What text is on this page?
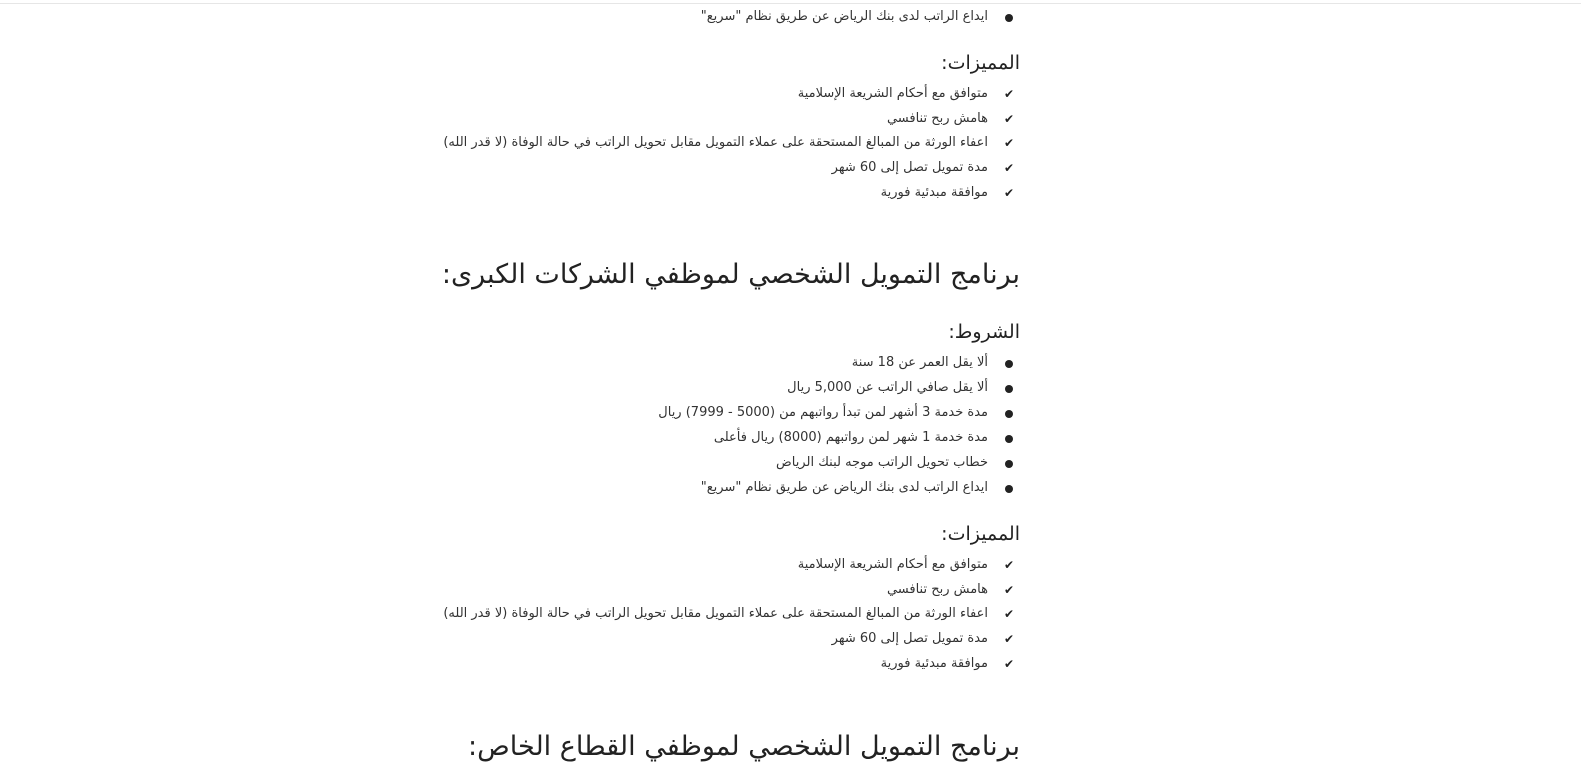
ايداع الراتب لدى بنك الرياض عن طريق نظام "سريع"
المميزات:
✔متوافق مع أحكام الشريعة الإسلامية
✔هامش ربح تنافسي
✔اعفاء الورثة من المبالغ المستحقة على عملاء التمويل مقابل تحويل الراتب في حالة الوفاة (لا قدر الله)
✔مدة تمويل تصل إلى 60 شهر
✔موافقة مبدئية فورية
برنامج التمويل الشخصي لموظفي الشركات الكبرى:
الشروط:
ألا يقل العمر عن 18 سنة
ألا يقل صافي الراتب عن 5,000 ريال
مدة خدمة 3 أشهر لمن تبدأ رواتبهم من (5000 - 7999) ريال
مدة خدمة 1 شهر لمن رواتبهم (8000) ريال فأعلى
خطاب تحويل الراتب موجه لبنك الرياض
ايداع الراتب لدى بنك الرياض عن طريق نظام "سريع"
المميزات:
✔متوافق مع أحكام الشريعة الإسلامية
✔هامش ربح تنافسي
✔اعفاء الورثة من المبالغ المستحقة على عملاء التمويل مقابل تحويل الراتب في حالة الوفاة (لا قدر الله)
✔مدة تمويل تصل إلى 60 شهر
✔موافقة مبدئية فورية
برنامج التمويل الشخصي لموظفي القطاع الخاص:
